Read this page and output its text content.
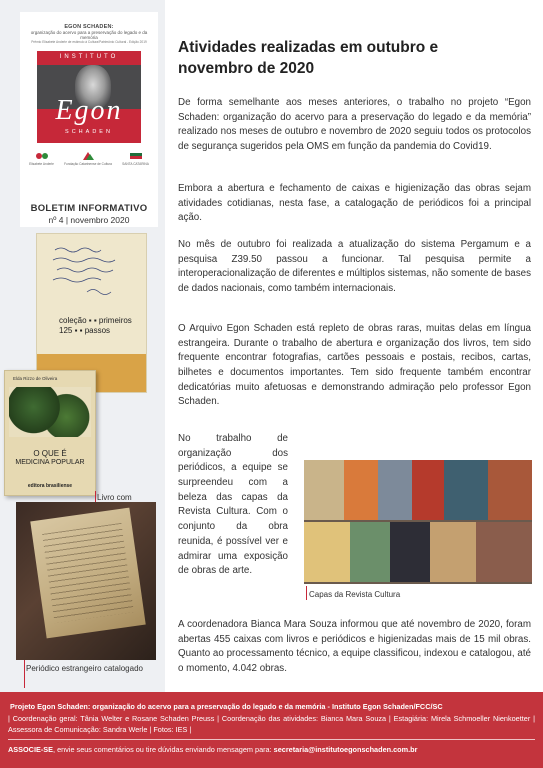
EGON SCHADEN:
organização do acervo para a preservação do legado e da memória
Prêmio Elisabete Anderle de estímulo à Cultura/Patrimônio Cultural - Edição 2019
INSTITUTO
Egon
SCHADEN
Elisabete Anderle	Fundação Catarinense de Cultura	SANTA CATARINA
BOLETIM INFORMATIVO
nº 4 | novembro 2020
coleção ▪ ▪ primeiros
125 ▪ ▪ passos
Elda Rizzo de Oliveira
O QUE É
MEDICINA POPULAR
editora brasiliense
Livro com
Periódico estrangeiro catalogado
Atividades realizadas em outubro e novembro de 2020

De forma semelhante aos meses anteriores, o trabalho no projeto “Egon Schaden: organização do acervo para a preservação do legado e da memória” realizado nos meses de outubro e novembro de 2020 seguiu todos os protocolos de segurança sugeridos pela OMS em função da pandemia do Covid19.

Embora a abertura e fechamento de caixas e higienização das obras sejam atividades cotidianas, nesta fase, a catalogação de periódicos foi a principal ação.

No mês de outubro foi realizada a atualização do sistema Pergamum e a pesquisa Z39.50 passou a funcionar. Tal pesquisa permite a interoperacionalização de diferentes e múltiplos sistemas, não somente de bases de dados nacionais, como também internacionais.

O Arquivo Egon Schaden está repleto de obras raras, muitas delas em língua estrangeira. Durante o trabalho de abertura e organização dos livros, tem sido frequente encontrar fotografias, cartões pessoais e postais, recibos, cartas, bilhetes e documentos importantes. Tem sido frequente também encontrar dedicatórias muito afetuosas e demonstrando admiração pelo professor Egon Schaden.

No trabalho de organização dos periódicos, a equipe se surpreendeu com a beleza das capas da Revista Cultura. Com o conjunto da obra reunida, é possível ver e admirar uma exposição de obras de arte.

A coordenadora Bianca Mara Souza informou que até novembro de 2020, foram abertas 455 caixas com livros e periódicos e higienizadas mais de 15 mil obras. Quanto ao processamento técnico, a equipe classificou, indexou e catalogou, até o momento, 4.042 obras.

Capas da Revista Cultura
Projeto Egon Schaden: organização do acervo para a preservação do legado e da memória - Instituto Egon Schaden/FCC/SC
| Coordenação geral: Tânia Welter e Rosane Schaden Preuss | Coordenação das atividades: Bianca Mara Souza | Estagiária: Mirela Schmoeller Nienkoetter | Assessora de Comunicação: Sandra Werle | Fotos: IES |
ASSOCIE-SE, envie seus comentários ou tire dúvidas enviando mensagem para: secretaria@institutoegonschaden.com.br
